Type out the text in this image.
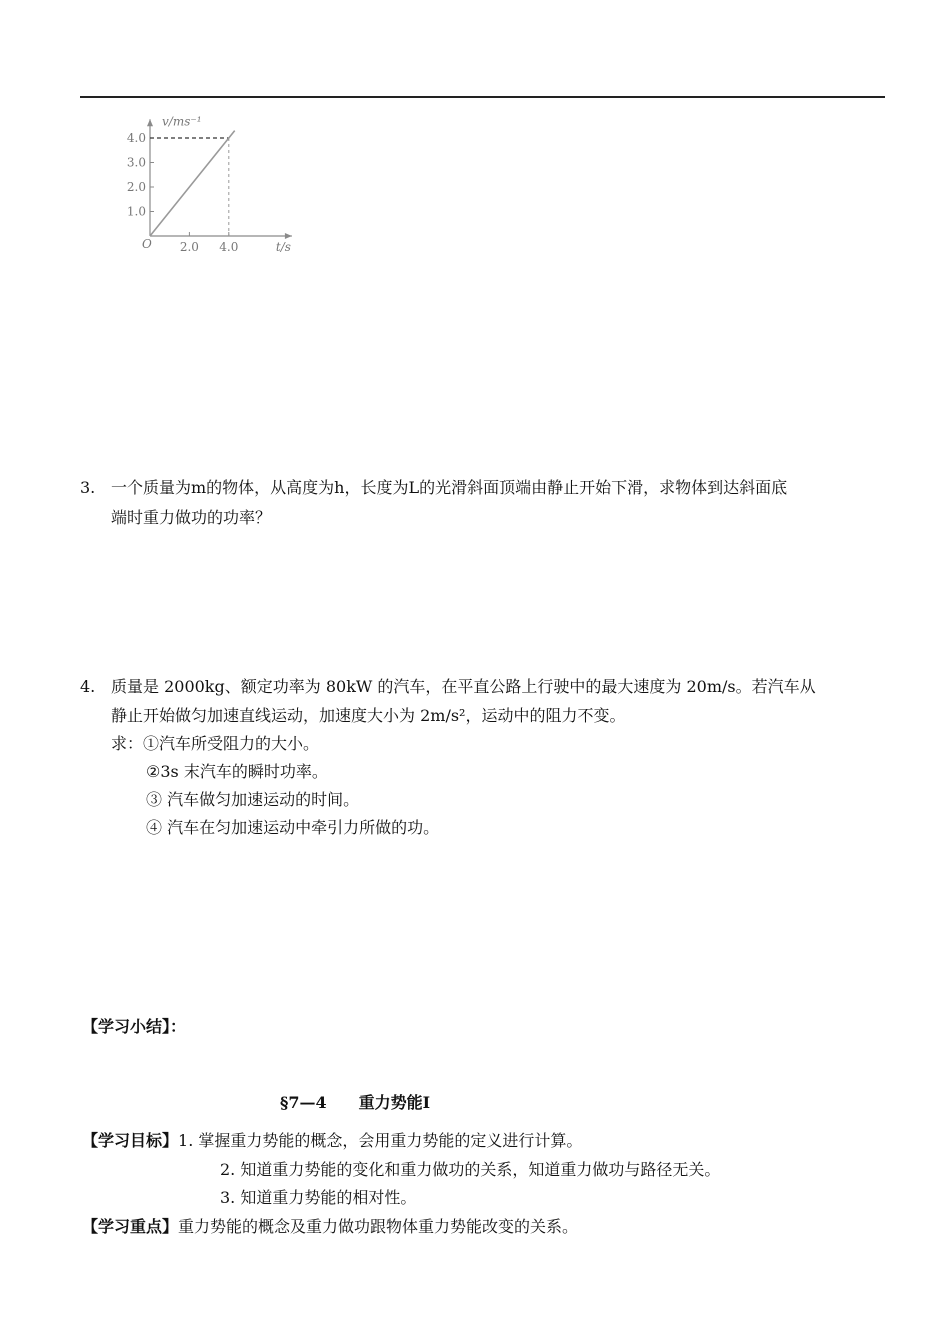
1.0
2.0
3.0
4.0
2.0 4.0
v/ms⁻¹
t/s
O
3. 一个质量为m的物体，从高度为h，长度为L的光滑斜面顶端由静止开始下滑，求物体到达斜面底
端时重力做功的功率？
4. 质量是 2000kg、额定功率为 80kW 的汽车，在平直公路上行驶中的最大速度为 20m/s。若汽车从
静止开始做匀加速直线运动，加速度大小为 2m/s²，运动中的阻力不变。
求：①汽车所受阻力的大小。
②3s 末汽车的瞬时功率。
③ 汽车做匀加速运动的时间。
④ 汽车在匀加速运动中牵引力所做的功。
【学习小结】：
§7—4　　重力势能Ⅰ
【学习目标】1. 掌握重力势能的概念，会用重力势能的定义进行计算。
2. 知道重力势能的变化和重力做功的关系，知道重力做功与路径无关。
3. 知道重力势能的相对性。
【学习重点】重力势能的概念及重力做功跟物体重力势能改变的关系。
